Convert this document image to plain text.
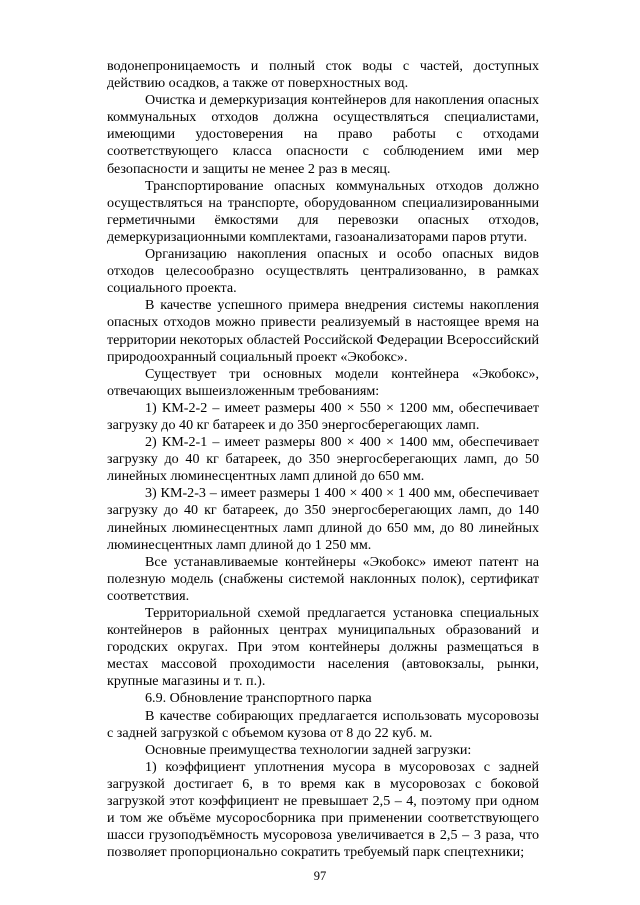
водонепроницаемость и полный сток воды с частей, доступных действию осадков, а также от поверхностных вод.

Очистка и демеркуризация контейнеров для накопления опасных коммунальных отходов должна осуществляться специалистами, имеющими удостоверения на право работы с отходами соответствующего класса опасности с соблюдением ими мер безопасности и защиты не менее 2 раз в месяц.

Транспортирование опасных коммунальных отходов должно осуществляться на транспорте, оборудованном специализированными герметичными ёмкостями для перевозки опасных отходов, демеркуризационными комплектами, газоанализаторами паров ртути.

Организацию накопления опасных и особо опасных видов отходов целесообразно осуществлять централизованно, в рамках социального проекта.

В качестве успешного примера внедрения системы накопления опасных отходов можно привести реализуемый в настоящее время на территории некоторых областей Российской Федерации Всероссийский природоохранный социальный проект «Экобокс».

Существует три основных модели контейнера «Экобокс», отвечающих вышеизложенным требованиям:

1) КМ-2-2 – имеет размеры 400 × 550 × 1200 мм, обеспечивает загрузку до 40 кг батареек и до 350 энергосберегающих ламп.

2) КМ-2-1 – имеет размеры 800 × 400 × 1400 мм, обеспечивает загрузку до 40 кг батареек, до 350 энергосберегающих ламп, до 50 линейных люминесцентных ламп длиной до 650 мм.

3) КМ-2-3 – имеет размеры 1 400 × 400 × 1 400 мм, обеспечивает загрузку до 40 кг батареек, до 350 энергосберегающих ламп, до 140 линейных люминесцентных ламп длиной до 650 мм, до 80 линейных люминесцентных ламп длиной до 1 250 мм.

Все устанавливаемые контейнеры «Экобокс» имеют патент на полезную модель (снабжены системой наклонных полок), сертификат соответствия.

Территориальной схемой предлагается установка специальных контейнеров в районных центрах муниципальных образований и городских округах. При этом контейнеры должны размещаться в местах массовой проходимости населения (автовокзалы, рынки, крупные магазины и т. п.).

6.9. Обновление транспортного парка

В качестве собирающих предлагается использовать мусоровозы с задней загрузкой с объемом кузова от 8 до 22 куб. м.

Основные преимущества технологии задней загрузки:

1) коэффициент уплотнения мусора в мусоровозах с задней загрузкой достигает 6, в то время как в мусоровозах с боковой загрузкой этот коэффициент не превышает 2,5 – 4, поэтому при одном и том же объёме мусоросборника при применении соответствующего шасси грузоподъёмность мусоровоза увеличивается в 2,5 – 3 раза, что позволяет пропорционально сократить требуемый парк спецтехники;

97
